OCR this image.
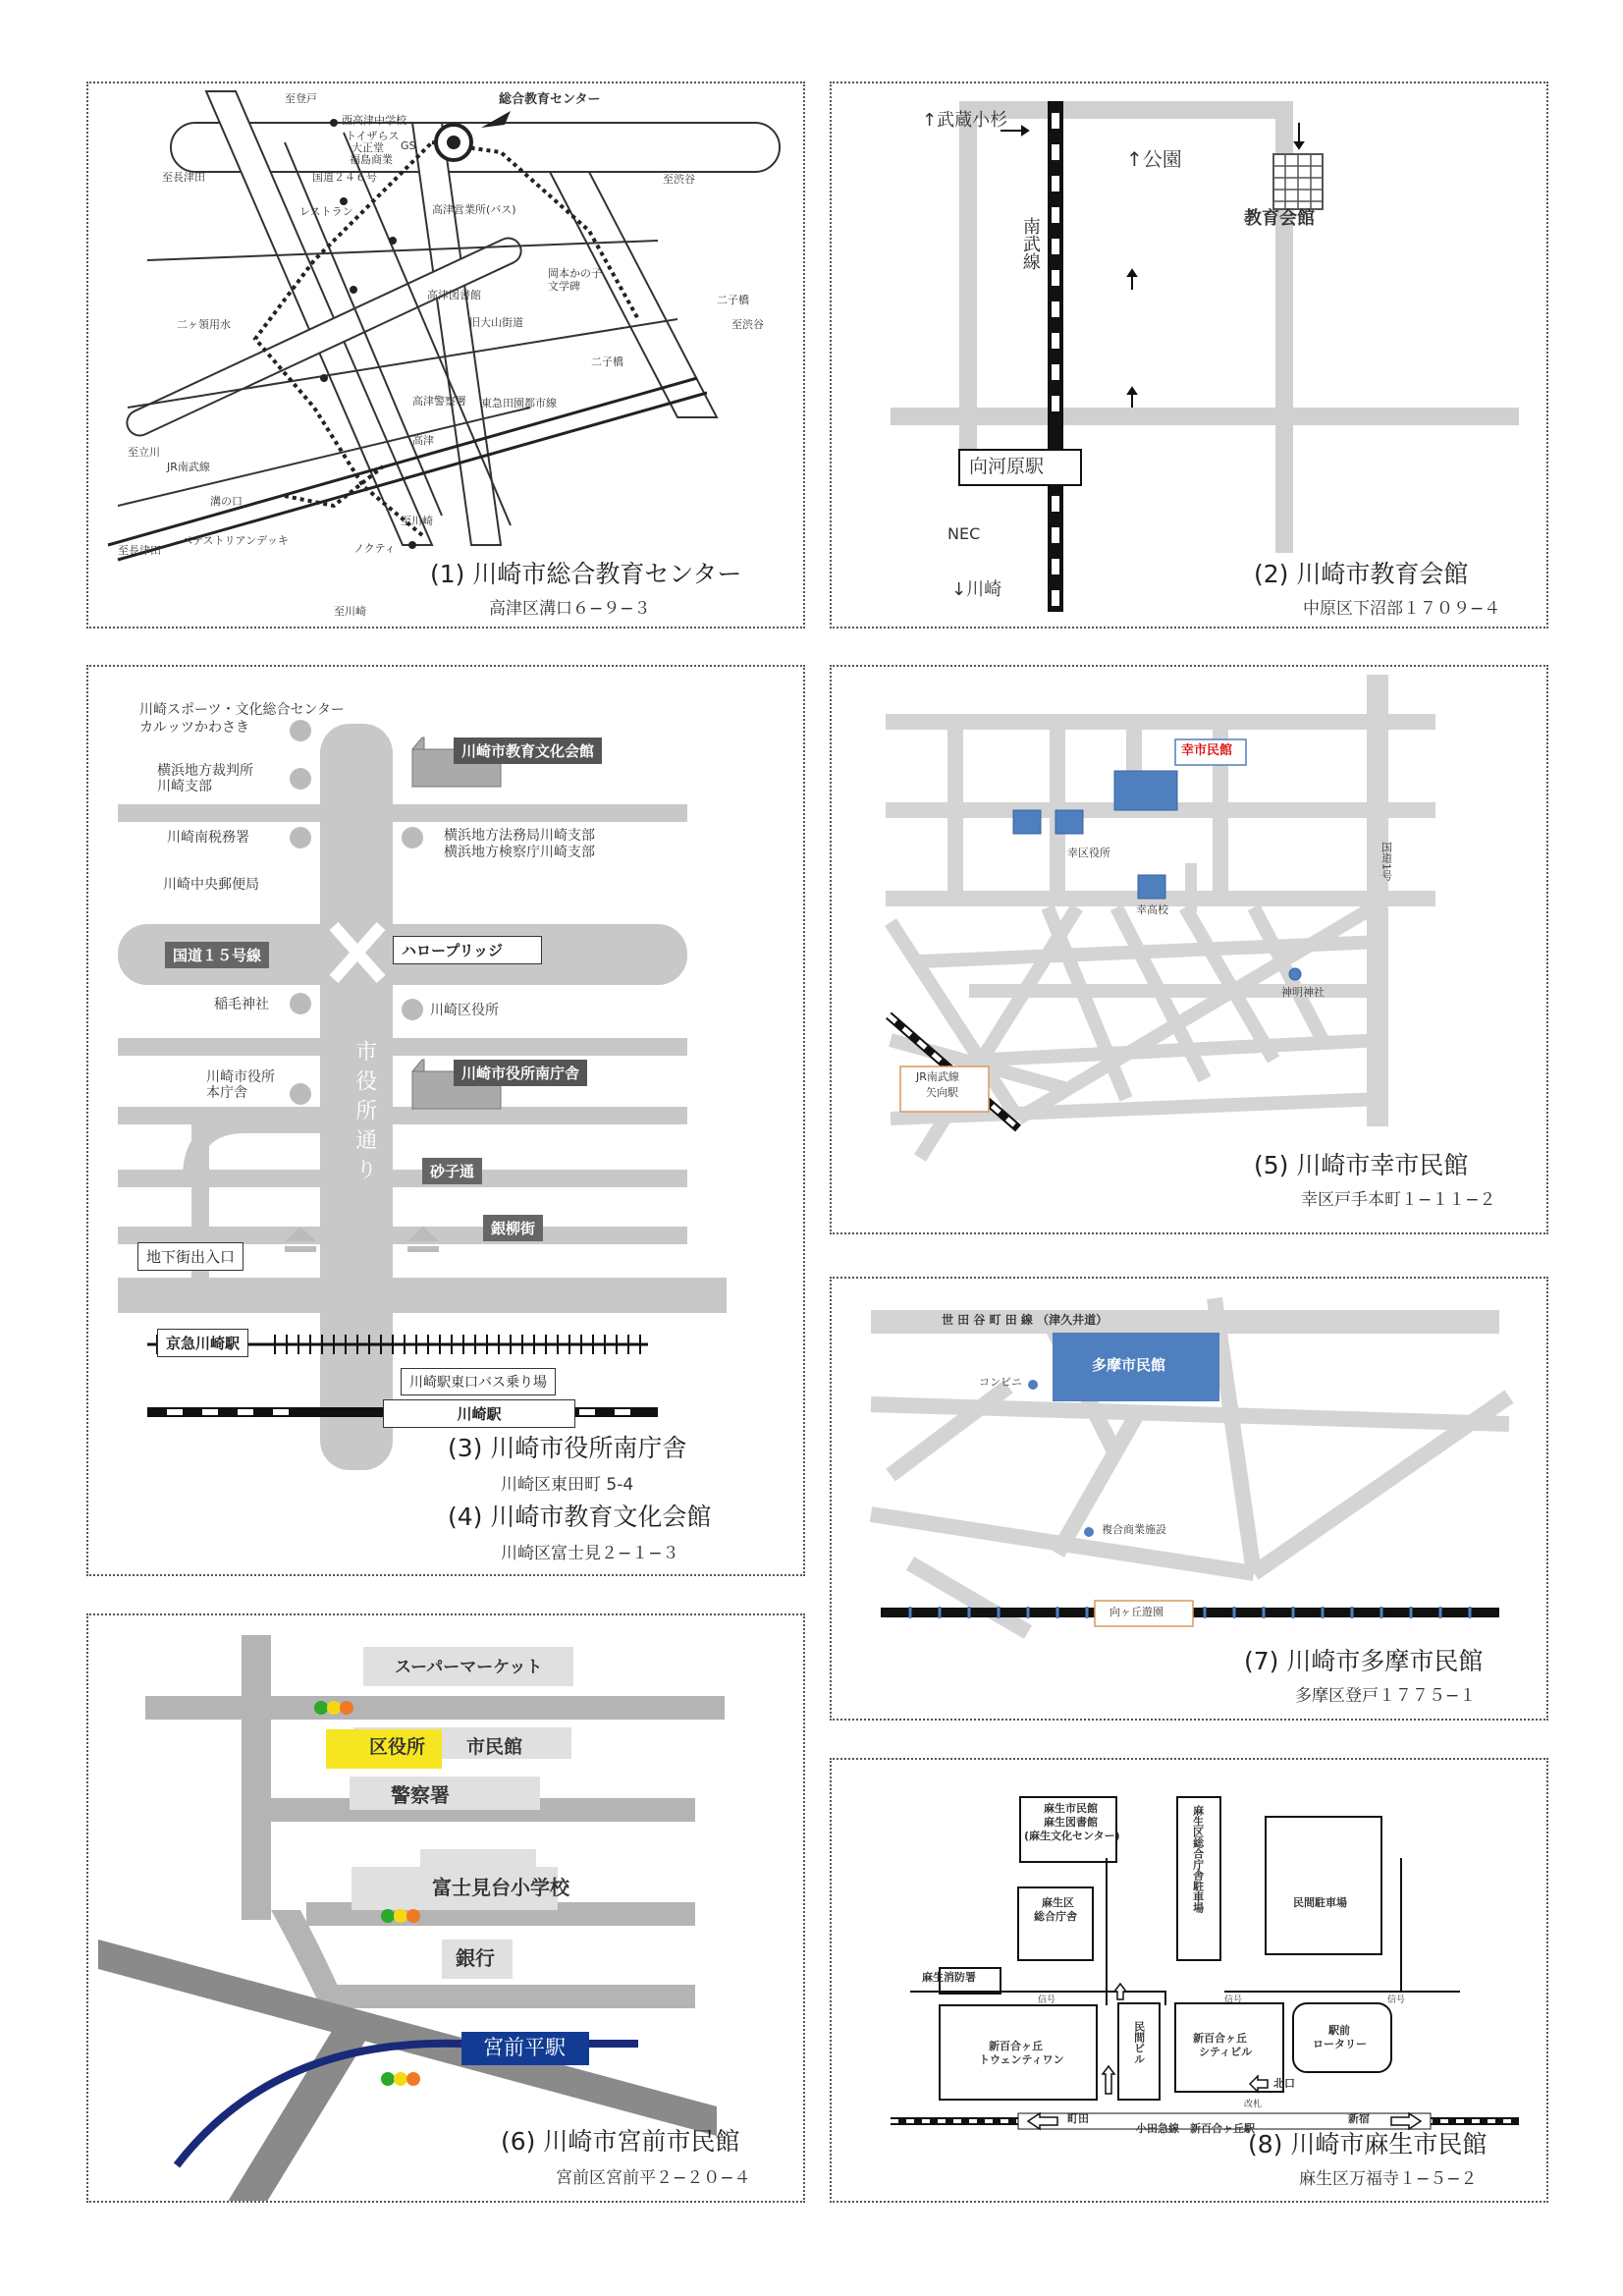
総合教育センター
至登戸
西高津中学校
トイザらス
大正堂
福島商業
GS
至長津田	国道２４６号	至渋谷
レストラン	高津営業所(バス)
高津図書館
岡本かの子文学碑
二ヶ領用水	旧大山街道
二子橋
至渋谷
高津警察署
二子橋
東急田園都市線
高津
至立川
JR南武線
溝の口
ペデストリアンデッキ
ノクティ
至長津田
至川崎
至川崎
(1) 川崎市総合教育センター
高津区溝口６−９−３
↑武蔵小杉
↑公園
教育会館
南武線
向河原駅
NEC
↓川崎
(2) 川崎市教育会館
中原区下沼部１７０９−４
川崎スポーツ・文化総合センター
カルッツかわさき
横浜地方裁判所
川崎支部
川崎南税務署
川崎中央郵便局
川崎市教育文化会館
横浜地方法務局川崎支部
横浜地方検察庁川崎支部
国道１５号線	ハロープリッジ
稲毛神社	川崎区役所
川崎市役所
本庁舎
川崎市役所南庁舎
市役所通り	砂子通
銀柳街
地下街出入口
京急川崎駅
川崎駅東口バス乗り場
川崎駅
(3) 川崎市役所南庁舎
川崎区東田町 5-4
(4) 川崎市教育文化会館
川崎区富士見２−１−３
幸市民館
幸区役所
幸高校
国道1号
神明神社
JR南武線
矢向駅
(5) 川崎市幸市民館
幸区戸手本町１−１１−２
世 田 谷 町 田 線 （津久井道）
多摩市民館
コンビニ
複合商業施設
向ヶ丘遊園
(7) 川崎市多摩市民館
多摩区登戸１７７５−１
スーパーマーケット
区役所 市民館
警察署
富士見台小学校
銀行
宮前平駅
(6) 川崎市宮前市民館
宮前区宮前平２−２０−４
麻生市民館
麻生図書館
(麻生文化センター)	麻生区総合庁舎駐車場
麻生区
総合庁舎
民間駐車場
麻生消防署
信号	信号	信号
新百合ヶ丘
トウェンティワン	民間ビル	新百合ヶ丘
シティビル
駅前
ロータリー
北口
改札
町田
小田急線　新百合ヶ丘駅
新宿
(8) 川崎市麻生市民館
麻生区万福寺１−５−２
